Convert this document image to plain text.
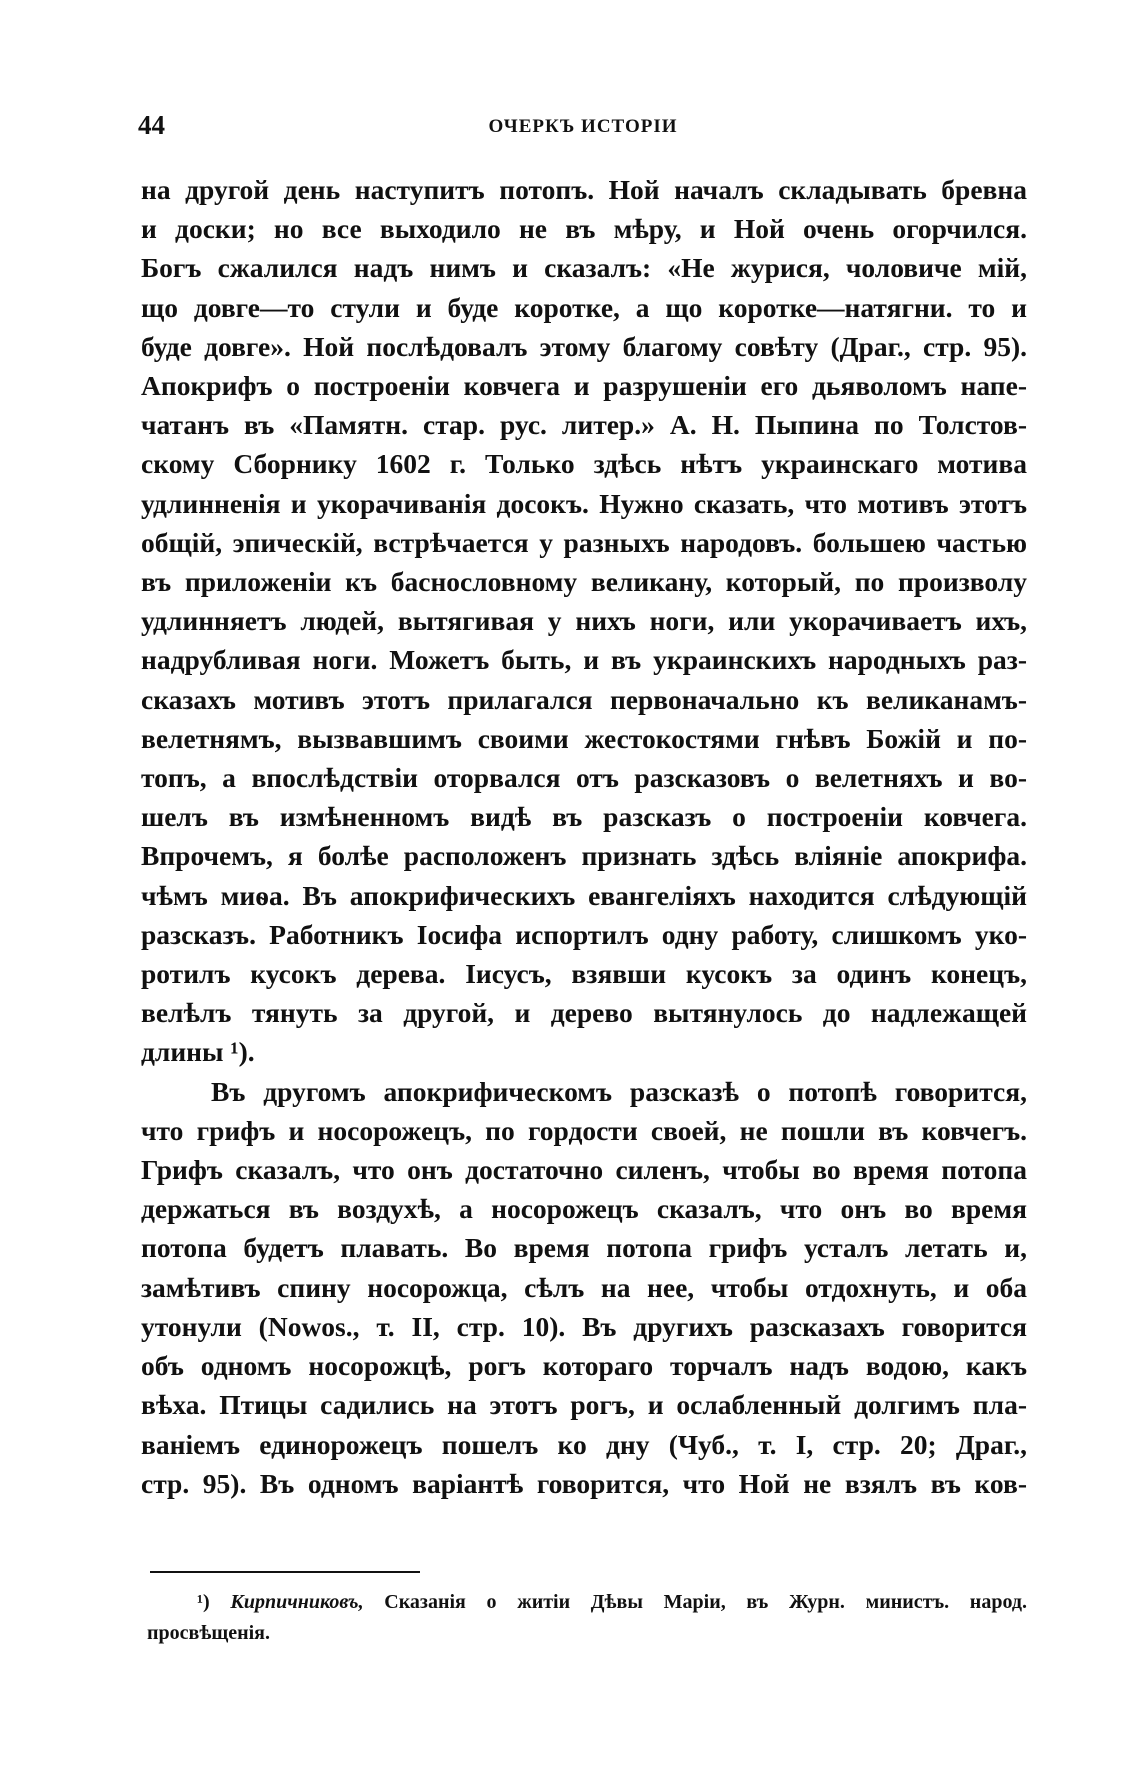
44	ОЧЕРКЪ ИСТОРІИ
на другой день наступитъ потопъ. Ной началъ складывать бревна
и доски; но все выходило не въ мѣру, и Ной очень огорчился.
Богъ сжалился надъ нимъ и сказалъ: «Не журися, чоловиче мій,
що довге—то стули и буде коротке, а що коротке—натягни. то и
буде довге». Ной послѣдовалъ этому благому совѣту (Драг., стр. 95).
Апокрифъ о построеніи ковчега и разрушеніи его дьяволомъ напе-
чатанъ въ «Памятн. стар. рус. литер.» А. Н. Пыпина по Толстов-
скому Сборнику 1602 г. Только здѣсь нѣтъ украинскаго мотива
удлинненія и укорачиванія досокъ. Нужно сказать, что мотивъ этотъ
общій, эпическій, встрѣчается у разныхъ народовъ. большею частью
въ приложеніи къ баснословному великану, который, по произволу
удлинняетъ людей, вытягивая у нихъ ноги, или укорачиваетъ ихъ,
надрубливая ноги. Можетъ быть, и въ украинскихъ народныхъ раз-
сказахъ мотивъ этотъ прилагался первоначально къ великанамъ-
велетнямъ, вызвавшимъ своими жестокостями гнѣвъ Божій и по-
топъ, а впослѣдствіи оторвался отъ разсказовъ о велетняхъ и во-
шелъ въ измѣненномъ видѣ въ разсказъ о построеніи ковчега.
Впрочемъ, я болѣе расположенъ признать здѣсь вліяніе апокрифа.
чѣмъ миѳа. Въ апокрифическихъ евангеліяхъ находится слѣдующій
разсказъ. Работникъ Іосифа испортилъ одну работу, слишкомъ уко-
ротилъ кусокъ дерева. Іисусъ, взявши кусокъ за одинъ конецъ,
велѣлъ тянуть за другой, и дерево вытянулось до надлежащей
длины ¹).
Въ другомъ апокрифическомъ разсказѣ о потопѣ говорится,
что грифъ и носорожецъ, по гордости своей, не пошли въ ковчегъ.
Грифъ сказалъ, что онъ достаточно силенъ, чтобы во время потопа
держаться въ воздухѣ, а носорожецъ сказалъ, что онъ во время
потопа будетъ плавать. Во время потопа грифъ усталъ летать и,
замѣтивъ спину носорожца, сѣлъ на нее, чтобы отдохнуть, и оба
утонули (Nowos., т. II, стр. 10). Въ другихъ разсказахъ говорится
объ одномъ носорожцѣ, рогъ котораго торчалъ надъ водою, какъ
вѣха. Птицы садились на этотъ рогъ, и ослабленный долгимъ пла-
ваніемъ единорожецъ пошелъ ко дну (Чуб., т. I, стр. 20; Драг.,
стр. 95). Въ одномъ варіантѣ говорится, что Ной не взялъ въ ков-
¹) Кирпичниковъ, Сказанія о житіи Дѣвы Маріи, въ Журн. министъ. народ.
просвѣщенія.
